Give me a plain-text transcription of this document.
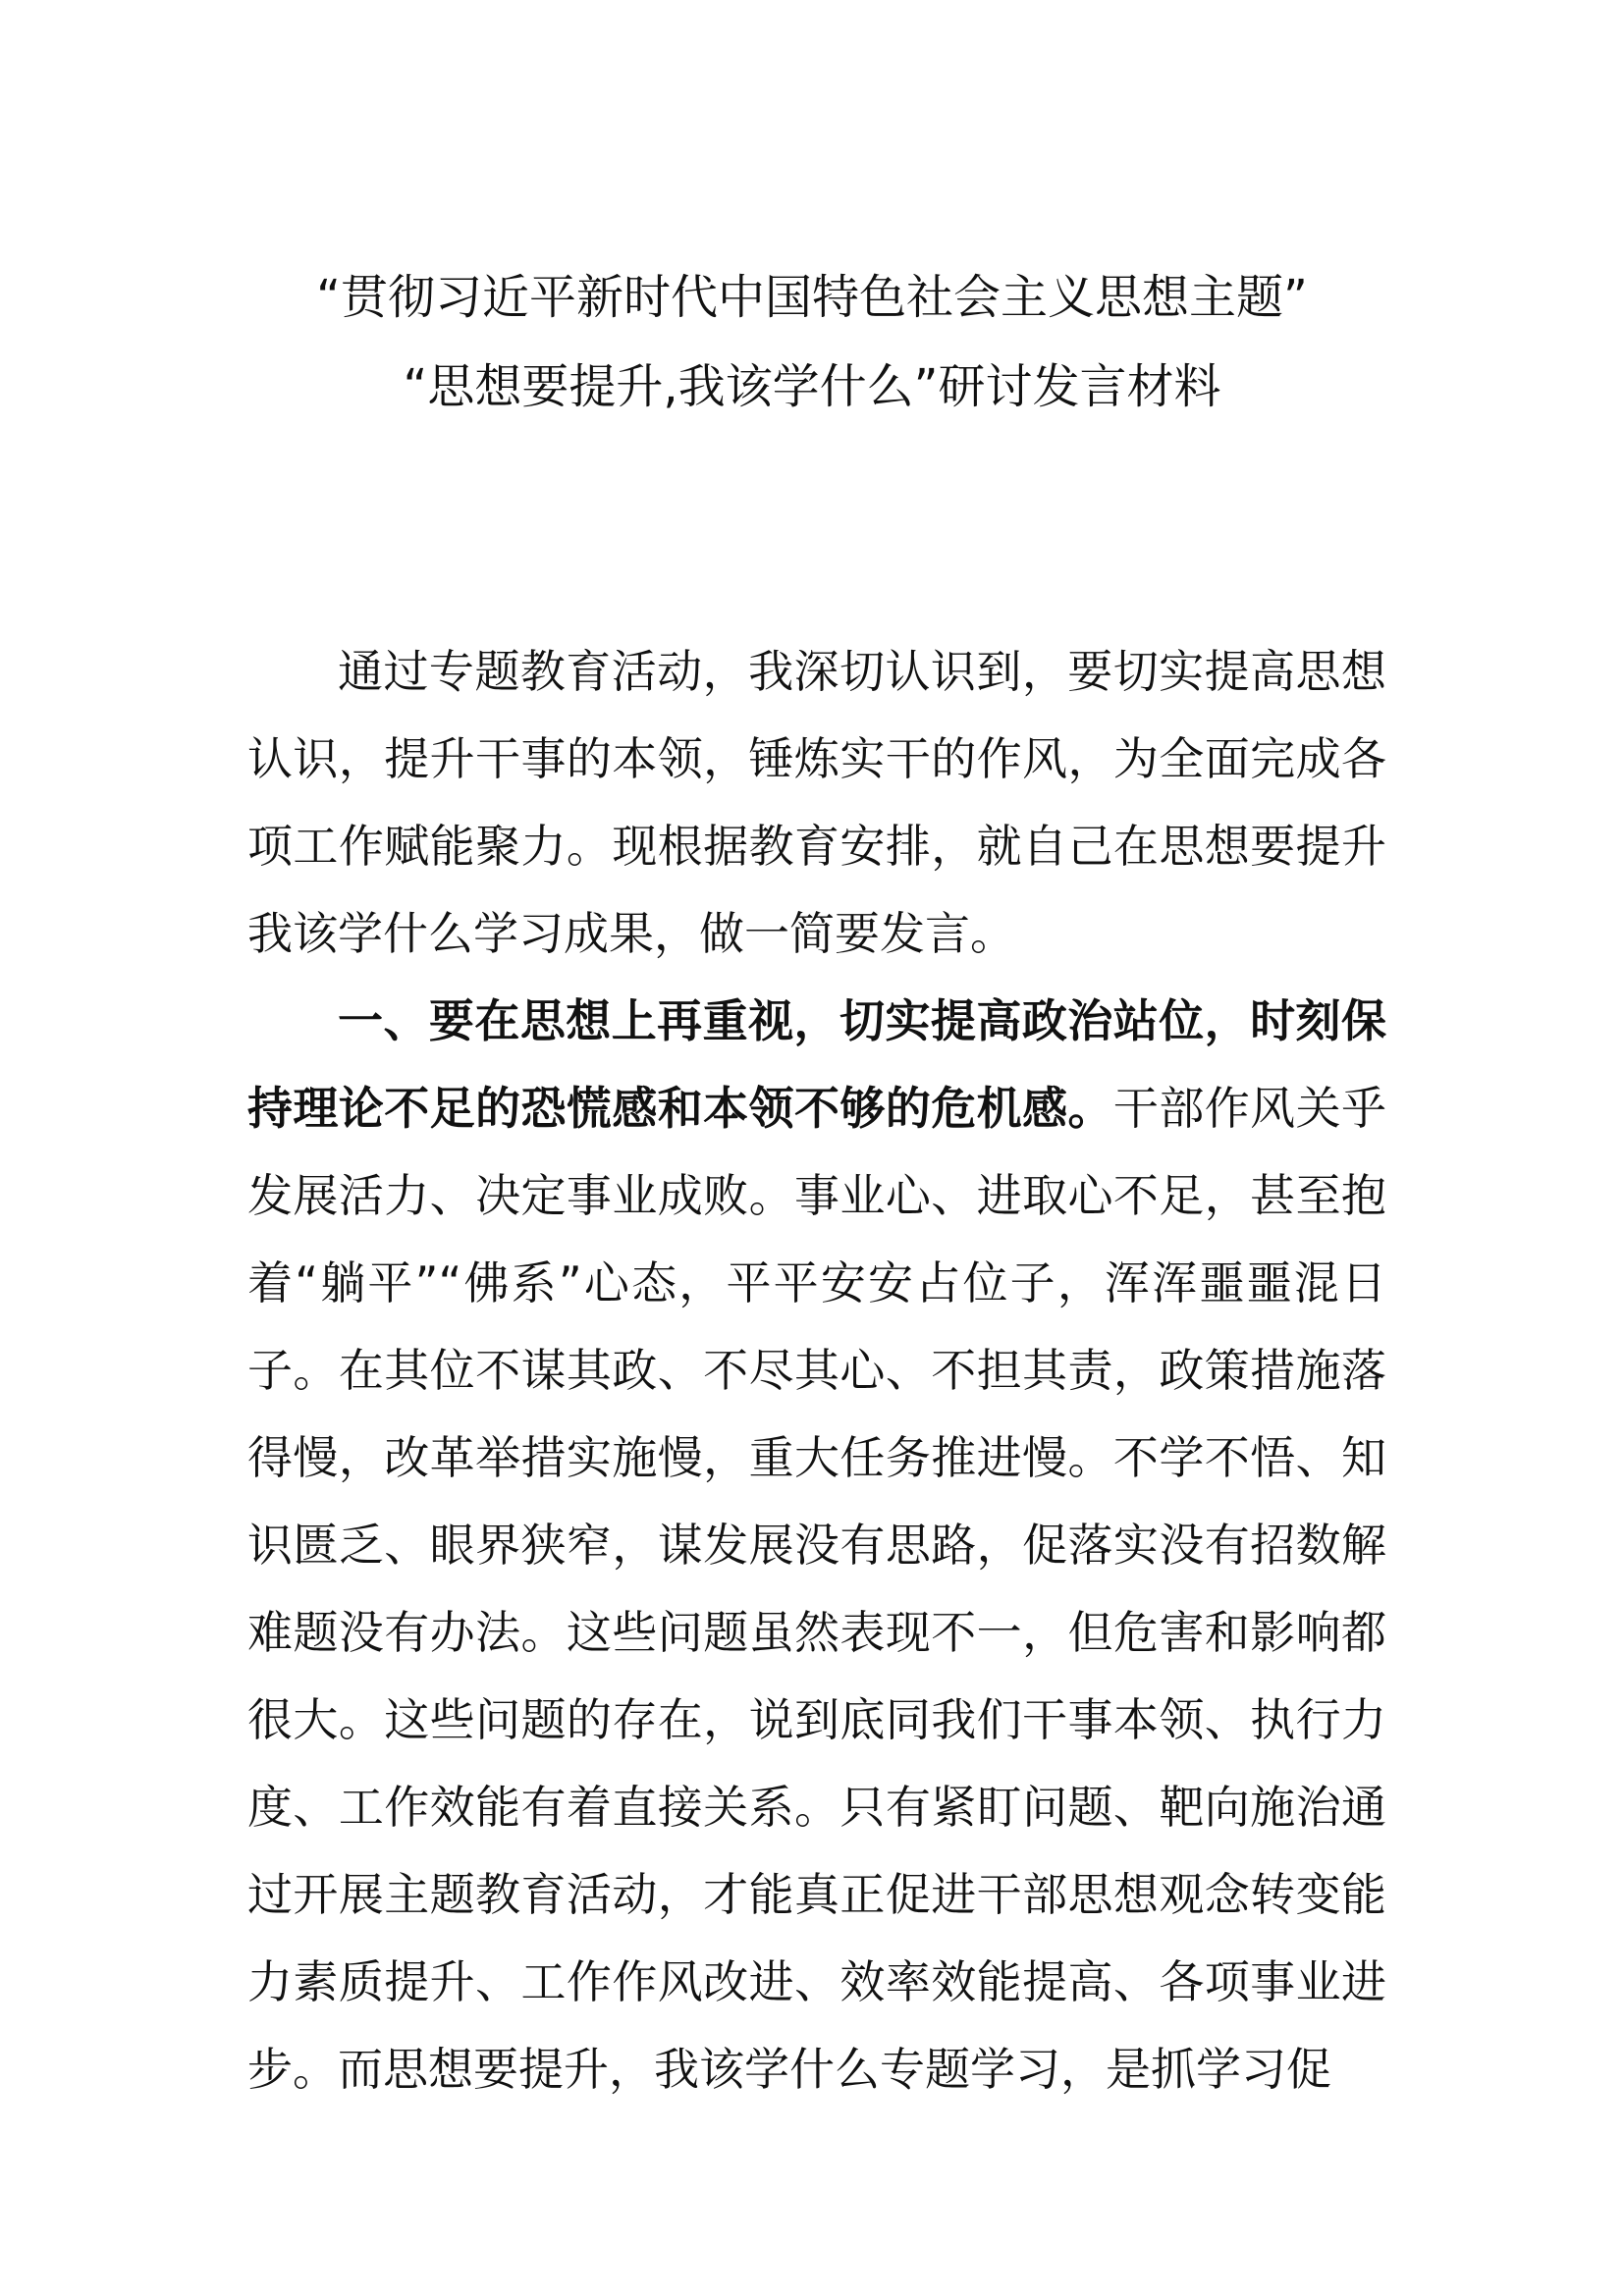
“贯彻习近平新时代中国特色社会主义思想主题”
“思想要提升,我该学什么”研讨发言材料

通过专题教育活动，我深切认识到，要切实提高思想认识，提升干事的本领，锤炼实干的作风，为全面完成各项工作赋能聚力。现根据教育安排，就自己在思想要提升我该学什么学习成果，做一简要发言。

一、要在思想上再重视，切实提高政治站位，时刻保持理论不足的恐慌感和本领不够的危机感。干部作风关乎发展活力、决定事业成败。事业心、进取心不足，甚至抱着“躺平”“佛系”心态，平平安安占位子，浑浑噩噩混日子。在其位不谋其政、不尽其心、不担其责，政策措施落得慢，改革举措实施慢，重大任务推进慢。不学不悟、知识匮乏、眼界狭窄，谋发展没有思路，促落实没有招数解难题没有办法。这些问题虽然表现不一，但危害和影响都很大。这些问题的存在，说到底同我们干事本领、执行力度、工作效能有着直接关系。只有紧盯问题、靶向施治通过开展主题教育活动，才能真正促进干部思想观念转变能力素质提升、工作作风改进、效率效能提高、各项事业进步。而思想要提升，我该学什么专题学习，是抓学习促
